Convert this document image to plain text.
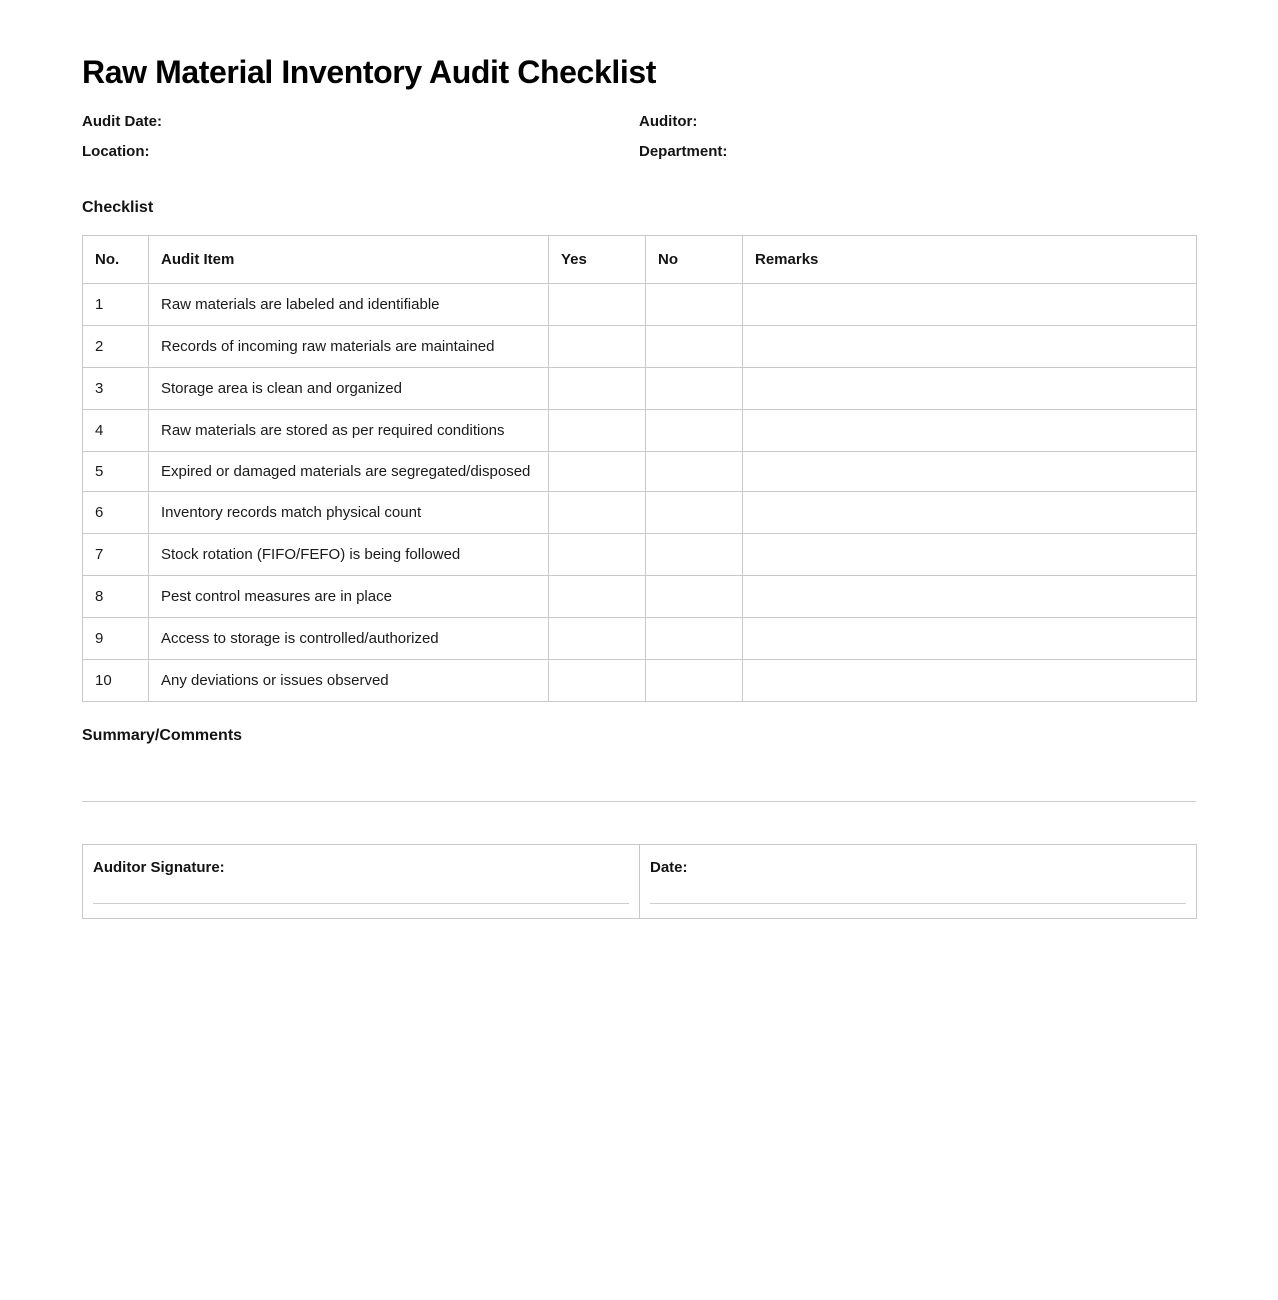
Raw Material Inventory Audit Checklist
Audit Date:	Auditor:
Location:	Department:
Checklist
No.	Audit Item	Yes	No	Remarks
1	Raw materials are labeled and identifiable			
2	Records of incoming raw materials are maintained			
3	Storage area is clean and organized			
4	Raw materials are stored as per required conditions			
5	Expired or damaged materials are segregated/disposed			
6	Inventory records match physical count			
7	Stock rotation (FIFO/FEFO) is being followed			
8	Pest control measures are in place			
9	Access to storage is controlled/authorized			
10	Any deviations or issues observed			
Summary/Comments
Auditor Signature:	Date:
